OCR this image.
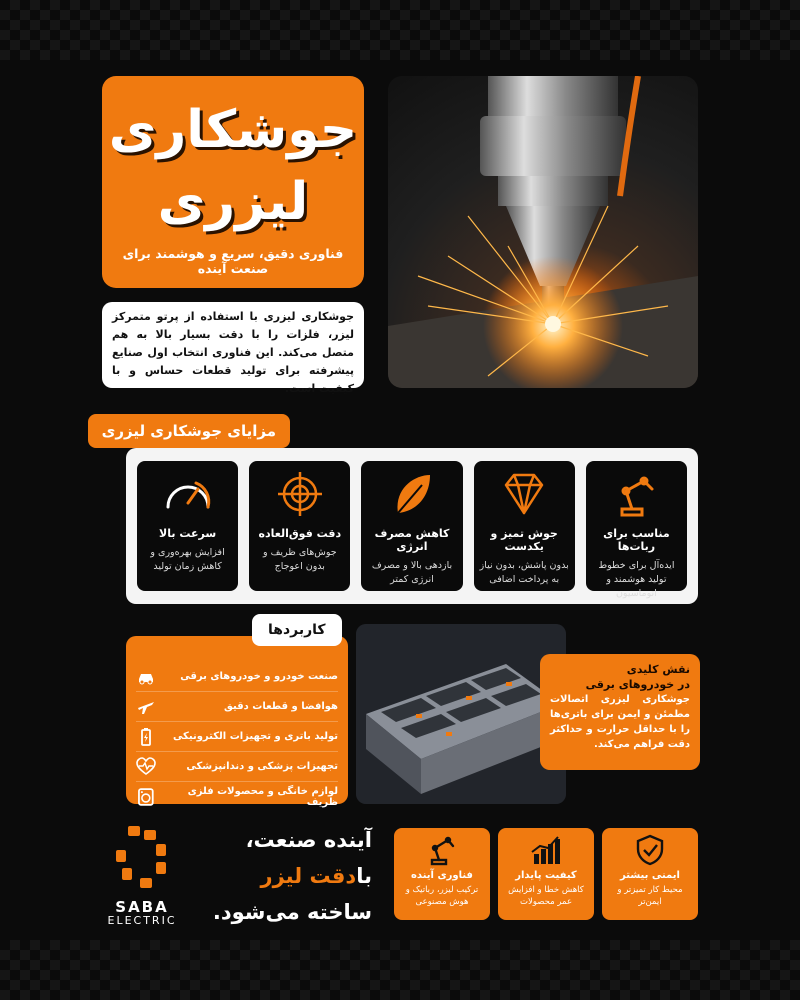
جوشکاری
لیزری
فناوری دقیق، سریع و هوشمند برای صنعت آینده
جوشکاری لیزری با استفاده از پرتو متمرکز لیزر، فلزات را با دقت بسیار بالا به هم متصل می‌کند. این فناوری انتخاب اول صنایع پیشرفته برای تولید قطعات حساس و با کیفیت است.
مزایای جوشکاری لیزری
مناسب برای ربات‌ها
ایده‌آل برای خطوط تولید هوشمند و اتوماسیون
جوش تمیز و یکدست
بدون پاشش، بدون نیاز به پرداخت اضافی
کاهش مصرف انرژی
بازدهی بالا و مصرف انرژی کمتر
دقت فوق‌العاده
جوش‌های ظریف و بدون اعوجاج
سرعت بالا
افزایش بهره‌وری و کاهش زمان تولید
صنعت خودرو و خودروهای برقی
هوافضا و قطعات دقیق
تولید باتری و تجهیزات الکترونیکی
تجهیزات پزشکی و دندانپزشکی
لوازم خانگی و محصولات فلزی ظریف
کاربردها
نقش کلیدی
در خودروهای برقی
جوشکاری لیزری اتصالات مطمئن و ایمن برای باتری‌ها را با حداقل حرارت و حداکثر دقت فراهم می‌کند.
SABA
ELECTRIC
آینده صنعت،
بادقت لیزر
ساخته می‌شود.
ایمنی بیشتر
محیط کار تمیزتر و ایمن‌تر
کیفیت پایدار
کاهش خطا و افزایش عمر محصولات
فناوری آینده
ترکیب لیزر، رباتیک و هوش مصنوعی
